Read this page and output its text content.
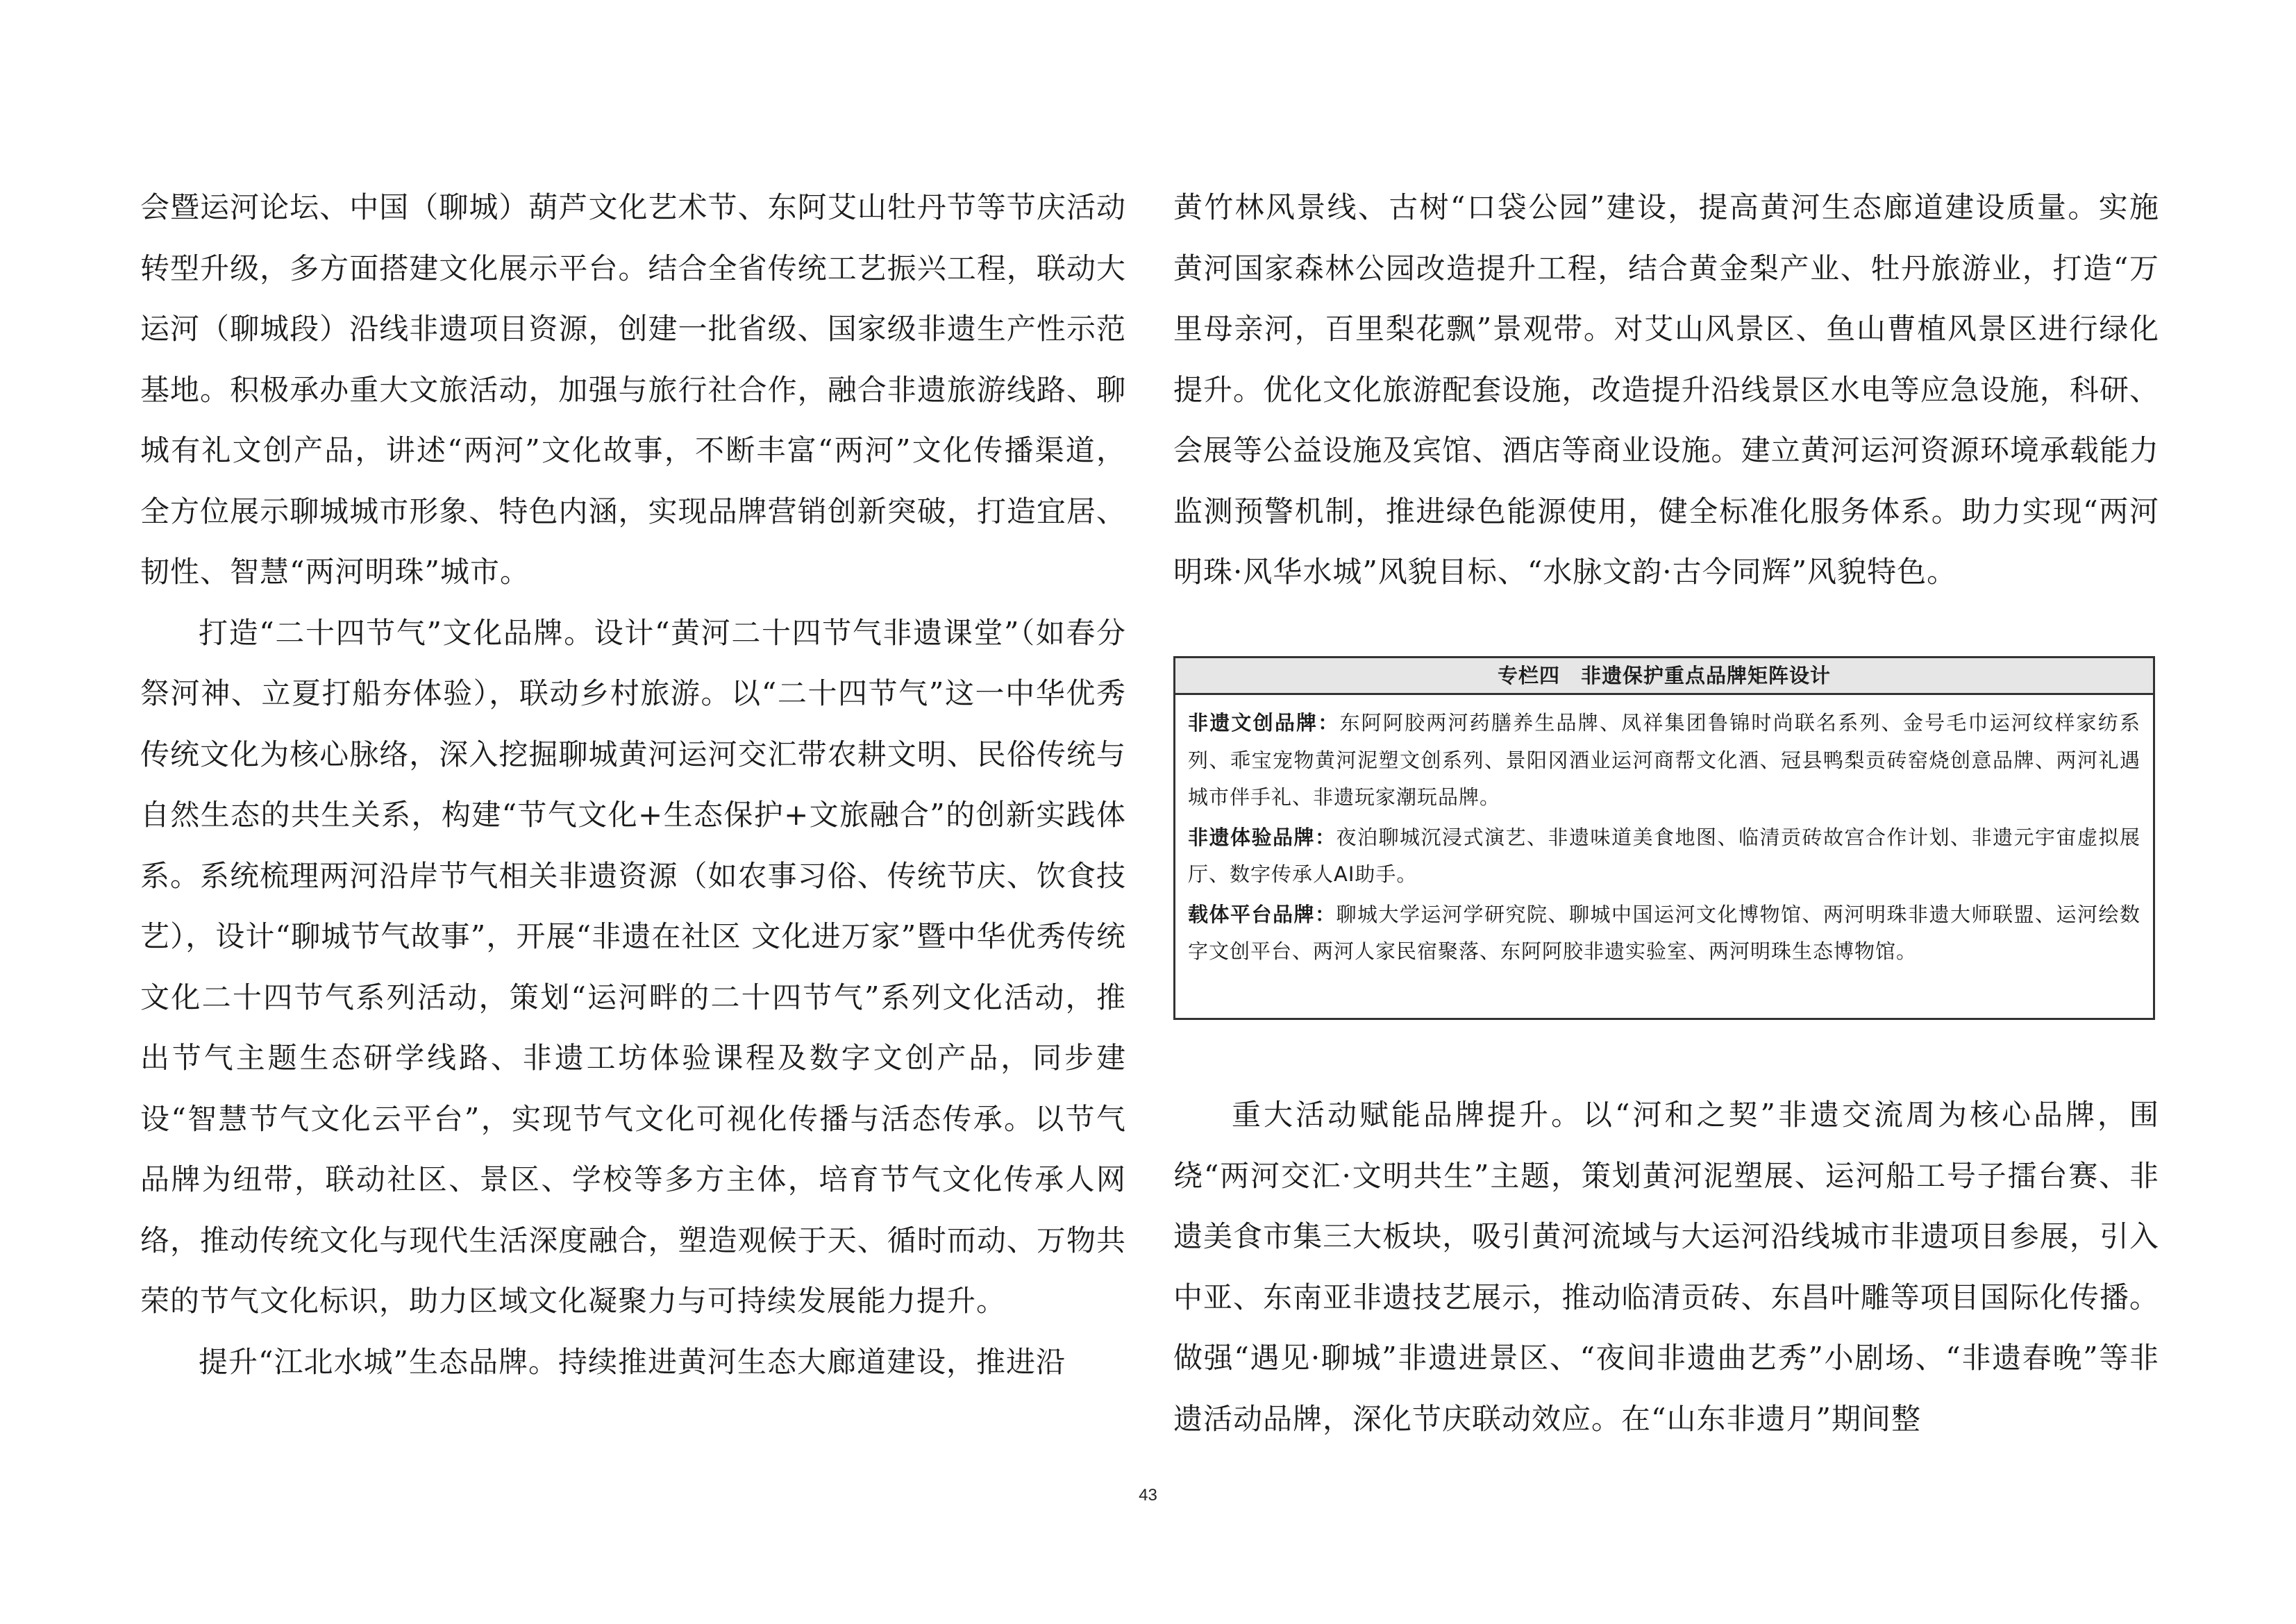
会暨运河论坛、中国（聊城）葫芦文化艺术节、东阿艾山牡丹节等节庆活动转型升级，多方面搭建文化展示平台。结合全省传统工艺振兴工程，联动大运河（聊城段）沿线非遗项目资源，创建一批省级、国家级非遗生产性示范基地。积极承办重大文旅活动，加强与旅行社合作，融合非遗旅游线路、聊城有礼文创产品，讲述“两河”文化故事，不断丰富“两河”文化传播渠道，全方位展示聊城城市形象、特色内涵，实现品牌营销创新突破，打造宜居、韧性、智慧“两河明珠”城市。

打造“二十四节气”文化品牌。设计“黄河二十四节气非遗课堂”（如春分祭河神、立夏打船夯体验），联动乡村旅游。以“二十四节气”这一中华优秀传统文化为核心脉络，深入挖掘聊城黄河运河交汇带农耕文明、民俗传统与自然生态的共生关系，构建“节气文化+生态保护+文旅融合”的创新实践体系。系统梳理两河沿岸节气相关非遗资源（如农事习俗、传统节庆、饮食技艺），设计“聊城节气故事”，开展“非遗在社区 文化进万家”暨中华优秀传统文化二十四节气系列活动，策划“运河畔的二十四节气”系列文化活动，推出节气主题生态研学线路、非遗工坊体验课程及数字文创产品，同步建设“智慧节气文化云平台”，实现节气文化可视化传播与活态传承。以节气品牌为纽带，联动社区、景区、学校等多方主体，培育节气文化传承人网络，推动传统文化与现代生活深度融合，塑造观候于天、循时而动、万物共荣的节气文化标识，助力区域文化凝聚力与可持续发展能力提升。

提升“江北水城”生态品牌。持续推进黄河生态大廊道建设，推进沿

黄竹林风景线、古树“口袋公园”建设，提高黄河生态廊道建设质量。实施黄河国家森林公园改造提升工程，结合黄金梨产业、牡丹旅游业，打造“万里母亲河，百里梨花飘”景观带。对艾山风景区、鱼山曹植风景区进行绿化提升。优化文化旅游配套设施，改造提升沿线景区水电等应急设施，科研、会展等公益设施及宾馆、酒店等商业设施。建立黄河运河资源环境承载能力监测预警机制，推进绿色能源使用，健全标准化服务体系。助力实现“两河明珠·风华水城”风貌目标、“水脉文韵·古今同辉”风貌特色。

专栏四　非遗保护重点品牌矩阵设计

非遗文创品牌：东阿阿胶两河药膳养生品牌、凤祥集团鲁锦时尚联名系列、金号毛巾运河纹样家纺系列、乖宝宠物黄河泥塑文创系列、景阳冈酒业运河商帮文化酒、冠县鸭梨贡砖窑烧创意品牌、两河礼遇城市伴手礼、非遗玩家潮玩品牌。

非遗体验品牌：夜泊聊城沉浸式演艺、非遗味道美食地图、临清贡砖故宫合作计划、非遗元宇宙虚拟展厅、数字传承人AI助手。

载体平台品牌：聊城大学运河学研究院、聊城中国运河文化博物馆、两河明珠非遗大师联盟、运河绘数字文创平台、两河人家民宿聚落、东阿阿胶非遗实验室、两河明珠生态博物馆。

重大活动赋能品牌提升。以“河和之契”非遗交流周为核心品牌，围绕“两河交汇·文明共生”主题，策划黄河泥塑展、运河船工号子擂台赛、非遗美食市集三大板块，吸引黄河流域与大运河沿线城市非遗项目参展，引入中亚、东南亚非遗技艺展示，推动临清贡砖、东昌叶雕等项目国际化传播。做强“遇见·聊城”非遗进景区、“夜间非遗曲艺秀”小剧场、“非遗春晚”等非遗活动品牌，深化节庆联动效应。在“山东非遗月”期间整

43
